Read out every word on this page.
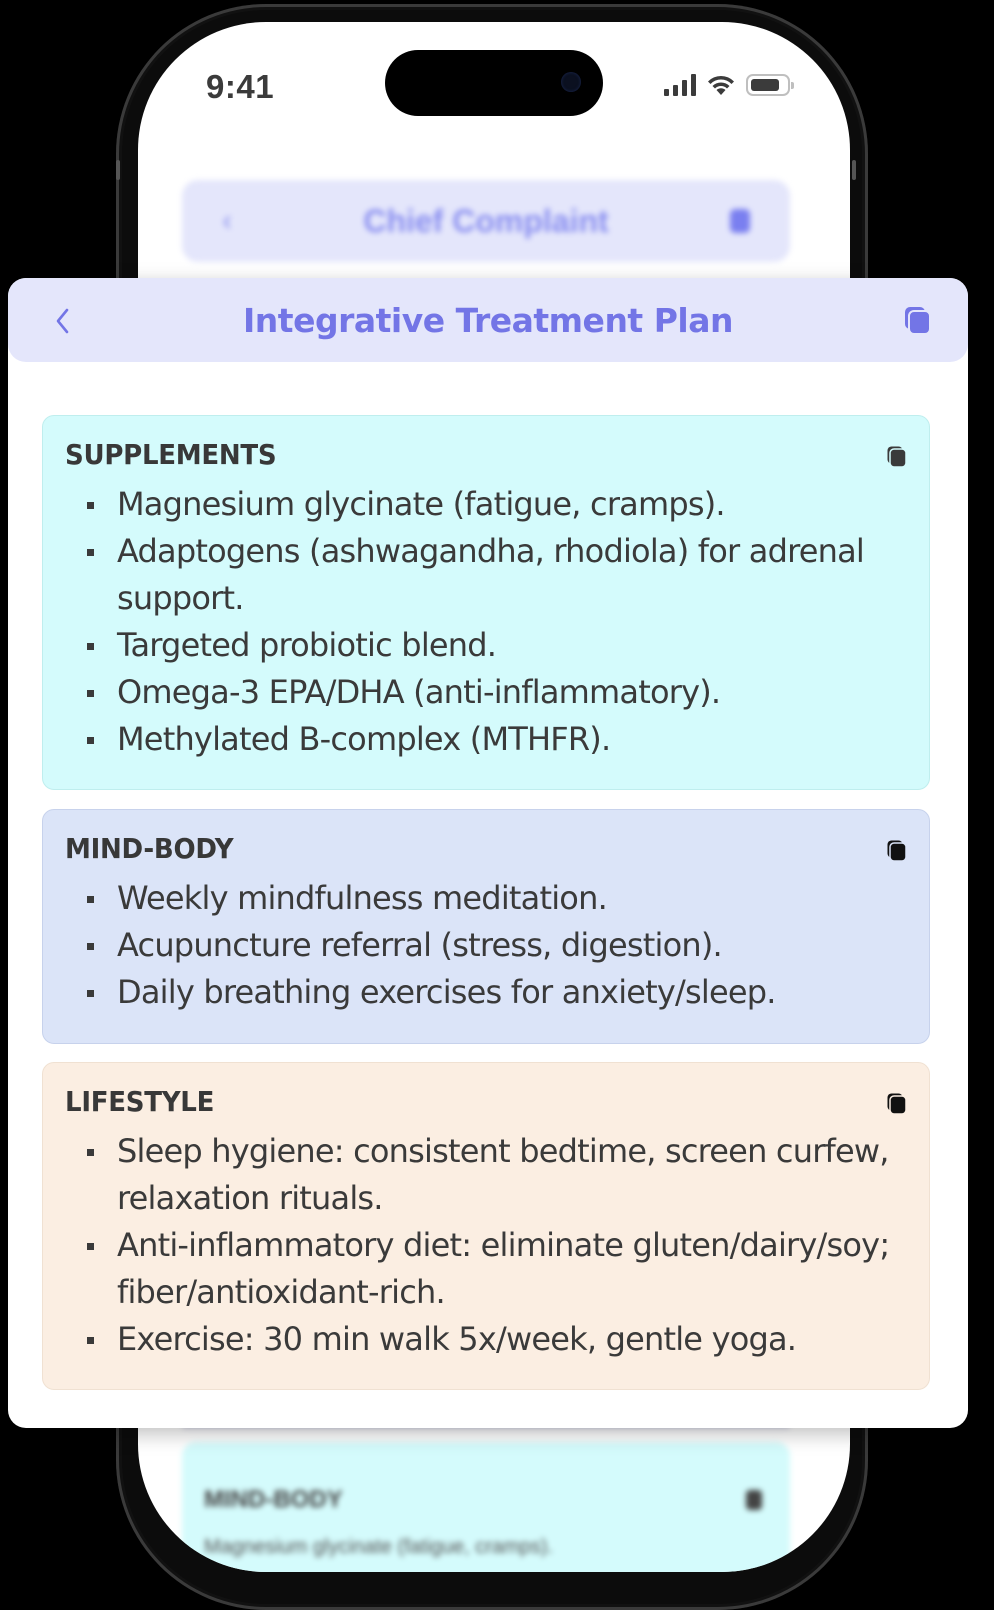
9:41
‹	Chief Complaint
MIND-BODY
Magnesium glycinate (fatigue, cramps).
Integrative Treatment Plan
SUPPLEMENTS
Magnesium glycinate (fatigue, cramps).
Adaptogens (ashwagandha, rhodiola) for adrenal support.
Targeted probiotic blend.
Omega-3 EPA/DHA (anti-inflammatory).
Methylated B-complex (MTHFR).
MIND-BODY
Weekly mindfulness meditation.
Acupuncture referral (stress, digestion).
Daily breathing exercises for anxiety/sleep.
LIFESTYLE
Sleep hygiene: consistent bedtime, screen curfew, relaxation rituals.
Anti-inflammatory diet: eliminate gluten/dairy/soy; fiber/antioxidant-rich.
Exercise: 30 min walk 5x/week, gentle yoga.
